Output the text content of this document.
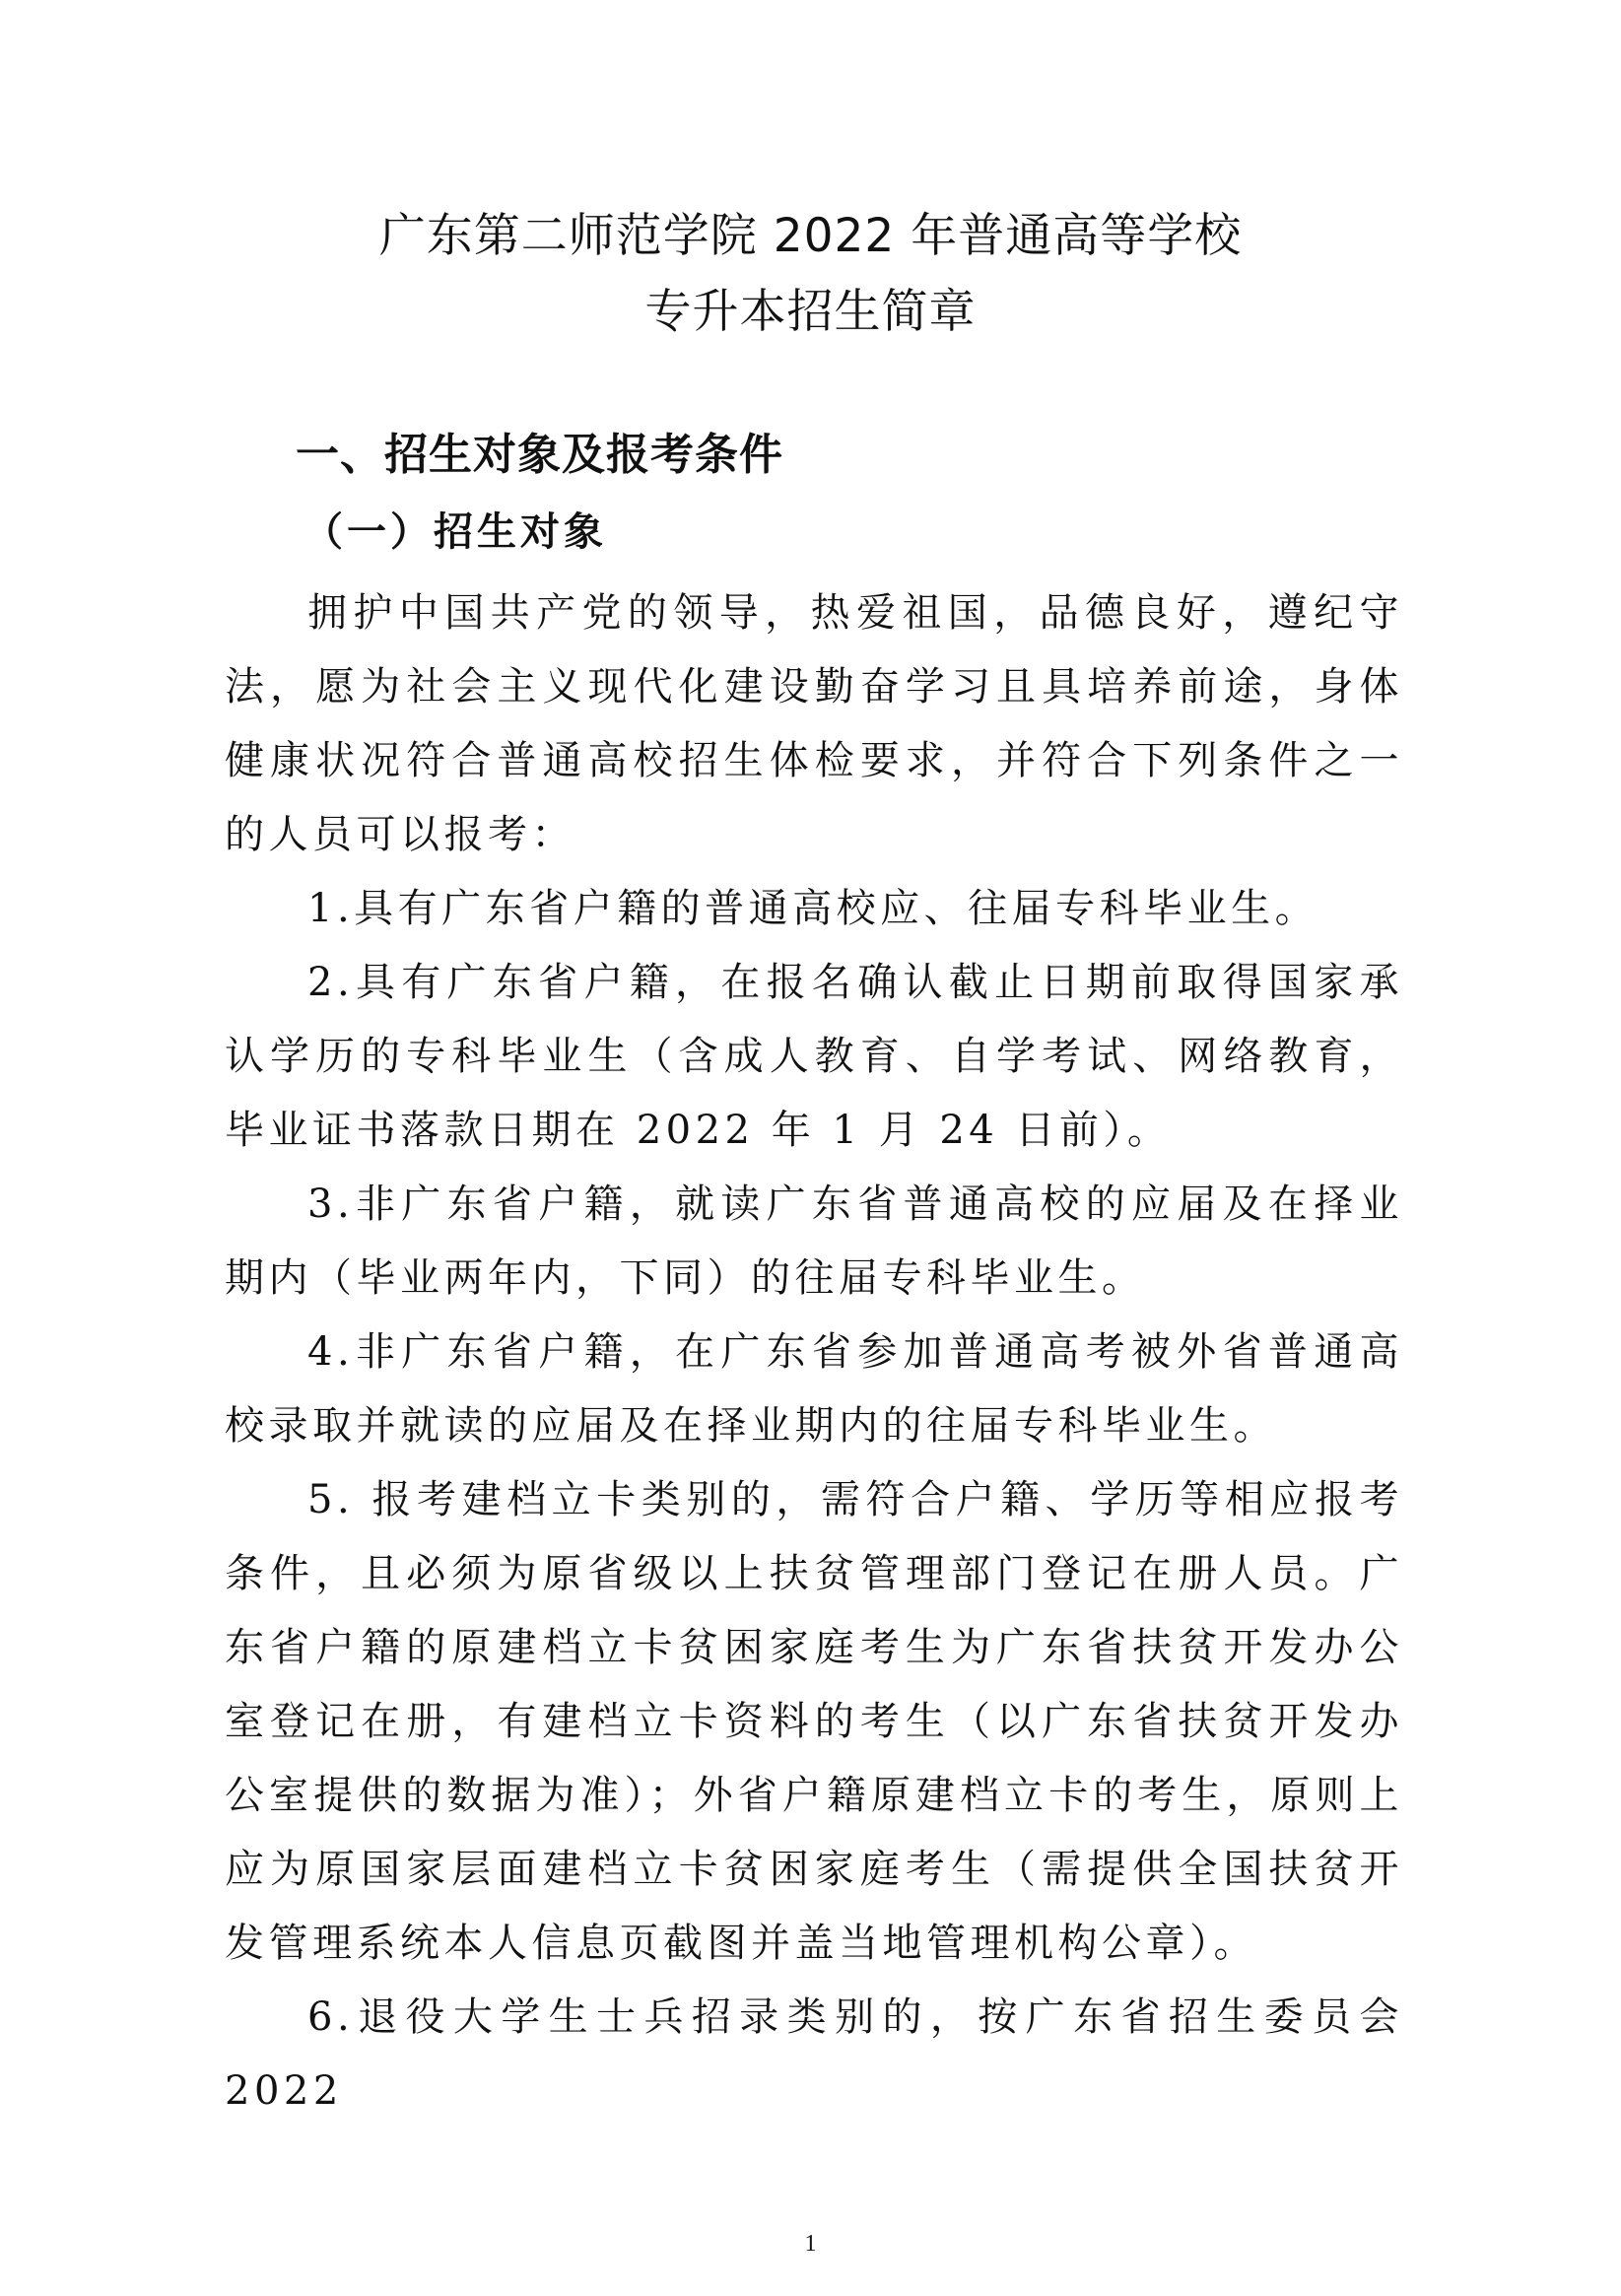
广东第二师范学院 2022 年普通高等学校
专升本招生简章
一、招生对象及报考条件
（一）招生对象

拥护中国共产党的领导，热爱祖国，品德良好，遵纪守法，愿为社会主义现代化建设勤奋学习且具培养前途，身体健康状况符合普通高校招生体检要求，并符合下列条件之一的人员可以报考：

1.具有广东省户籍的普通高校应、往届专科毕业生。

2.具有广东省户籍，在报名确认截止日期前取得国家承认学历的专科毕业生（含成人教育、自学考试、网络教育，毕业证书落款日期在 2022 年 1 月 24 日前）。

3.非广东省户籍，就读广东省普通高校的应届及在择业期内（毕业两年内，下同）的往届专科毕业生。

4.非广东省户籍，在广东省参加普通高考被外省普通高校录取并就读的应届及在择业期内的往届专科毕业生。

5. 报考建档立卡类别的，需符合户籍、学历等相应报考条件，且必须为原省级以上扶贫管理部门登记在册人员。广东省户籍的原建档立卡贫困家庭考生为广东省扶贫开发办公室登记在册，有建档立卡资料的考生（以广东省扶贫开发办公室提供的数据为准）；外省户籍原建档立卡的考生，原则上应为原国家层面建档立卡贫困家庭考生（需提供全国扶贫开发管理系统本人信息页截图并盖当地管理机构公章）。

6.退役大学生士兵招录类别的，按广东省招生委员会 2022

1
